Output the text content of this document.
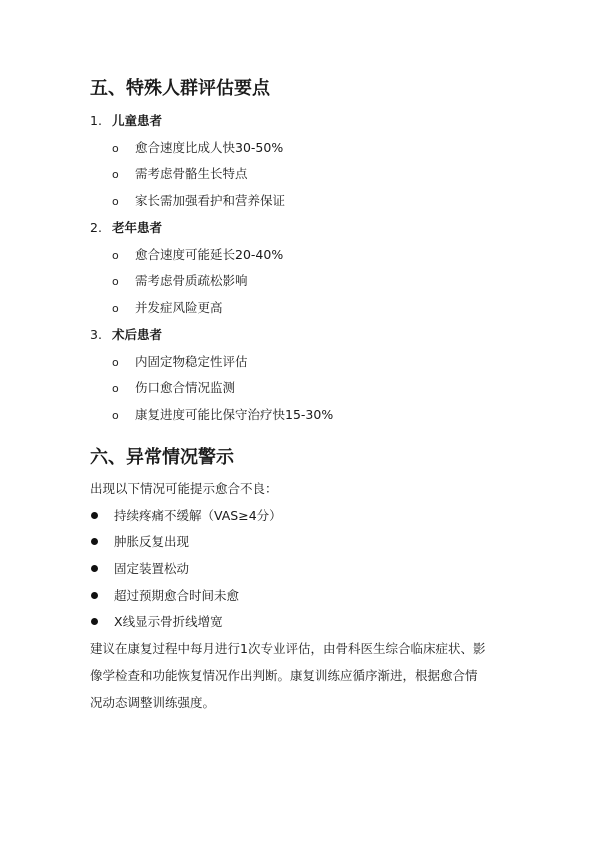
五、特殊人群评估要点
1. 儿童患者
o 愈合速度比成人快30-50%
o 需考虑骨骼生长特点
o 家长需加强看护和营养保证
2. 老年患者
o 愈合速度可能延长20-40%
o 需考虑骨质疏松影响
o 并发症风险更高
3. 术后患者
o 内固定物稳定性评估
o 伤口愈合情况监测
o 康复进度可能比保守治疗快15-30%
六、异常情况警示
出现以下情况可能提示愈合不良：
持续疼痛不缓解（VAS≥4分）
肿胀反复出现
固定装置松动
超过预期愈合时间未愈
X线显示骨折线增宽
建议在康复过程中每月进行1次专业评估，由骨科医生综合临床症状、影
像学检查和功能恢复情况作出判断。康复训练应循序渐进，根据愈合情
况动态调整训练强度。
